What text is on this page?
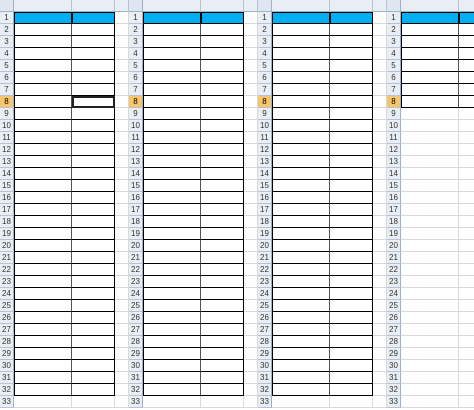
1	1	1	1
2	2	2	2
3	3	3	3
4	4	4	4
5	5	5	5
6	6	6	6
7	7	7	7
8	8	8	8
9	9	9	9
10	10	10	10
11	11	11	11
12	12	12	12
13	13	13	13
14	14	14	14
15	15	15	15
16	16	16	16
17	17	17	17
18	18	18	18
19	19	19	19
20	20	20	20
21	21	21	21
22	22	22	22
23	23	23	23
24	24	24	24
25	25	25	25
26	26	26	26
27	27	27	27
28	28	28	28
29	29	29	29
30	30	30	30
31	31	31	31
32	32	32	32
33	33	33	33
